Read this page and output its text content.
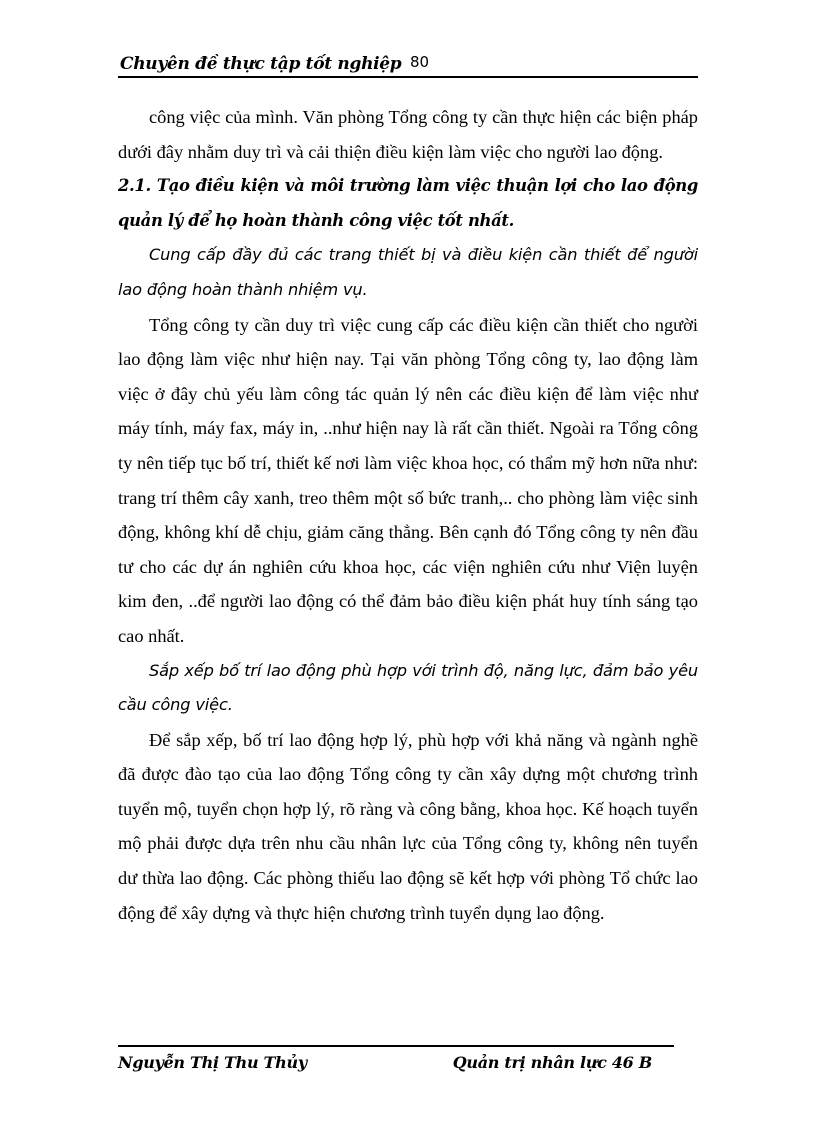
Chuyên đề thực tập tốt nghiệp 80

công việc của mình. Văn phòng Tổng công ty cần thực hiện các biện pháp dưới đây nhằm duy trì và cải thiện điều kiện làm việc cho người lao động.

2.1. Tạo điều kiện và môi trường làm việc thuận lợi cho lao động quản lý để họ hoàn thành công việc tốt nhất.

Cung cấp đầy đủ các trang thiết bị và điều kiện cần thiết để người lao động hoàn thành nhiệm vụ.

Tổng công ty cần duy trì việc cung cấp các điều kiện cần thiết cho người lao động làm việc như hiện nay. Tại văn phòng Tổng công ty, lao động làm việc ở đây chủ yếu làm công tác quản lý nên các điều kiện để làm việc như máy tính, máy fax, máy in, ..như hiện nay là rất cần thiết. Ngoài ra Tổng công ty nên tiếp tục bố trí, thiết kế nơi làm việc khoa học, có thẩm mỹ hơn nữa như: trang trí thêm cây xanh, treo thêm một số bức tranh,.. cho phòng làm việc sinh động, không khí dễ chịu, giảm căng thẳng. Bên cạnh đó Tổng công ty nên đầu tư cho các dự án nghiên cứu khoa học, các viện nghiên cứu như Viện luyện kim đen, ..để người lao động có thể đảm bảo điều kiện phát huy tính sáng tạo cao nhất.

Sắp xếp bố trí lao động phù hợp với trình độ, năng lực, đảm bảo yêu cầu công việc.

Để sắp xếp, bố trí lao động hợp lý, phù hợp với khả năng và ngành nghề đã được đào tạo của lao động Tổng công ty cần xây dựng một chương trình tuyển mộ, tuyển chọn hợp lý, rõ ràng và công bằng, khoa học. Kế hoạch tuyển mộ phải được dựa trên nhu cầu nhân lực của Tổng công ty, không nên tuyển dư thừa lao động. Các phòng thiếu lao động sẽ kết hợp với phòng Tổ chức lao động để xây dựng và thực hiện chương trình tuyển dụng lao động.

Nguyễn Thị Thu Thủy	Quản trị nhân lực 46 B
